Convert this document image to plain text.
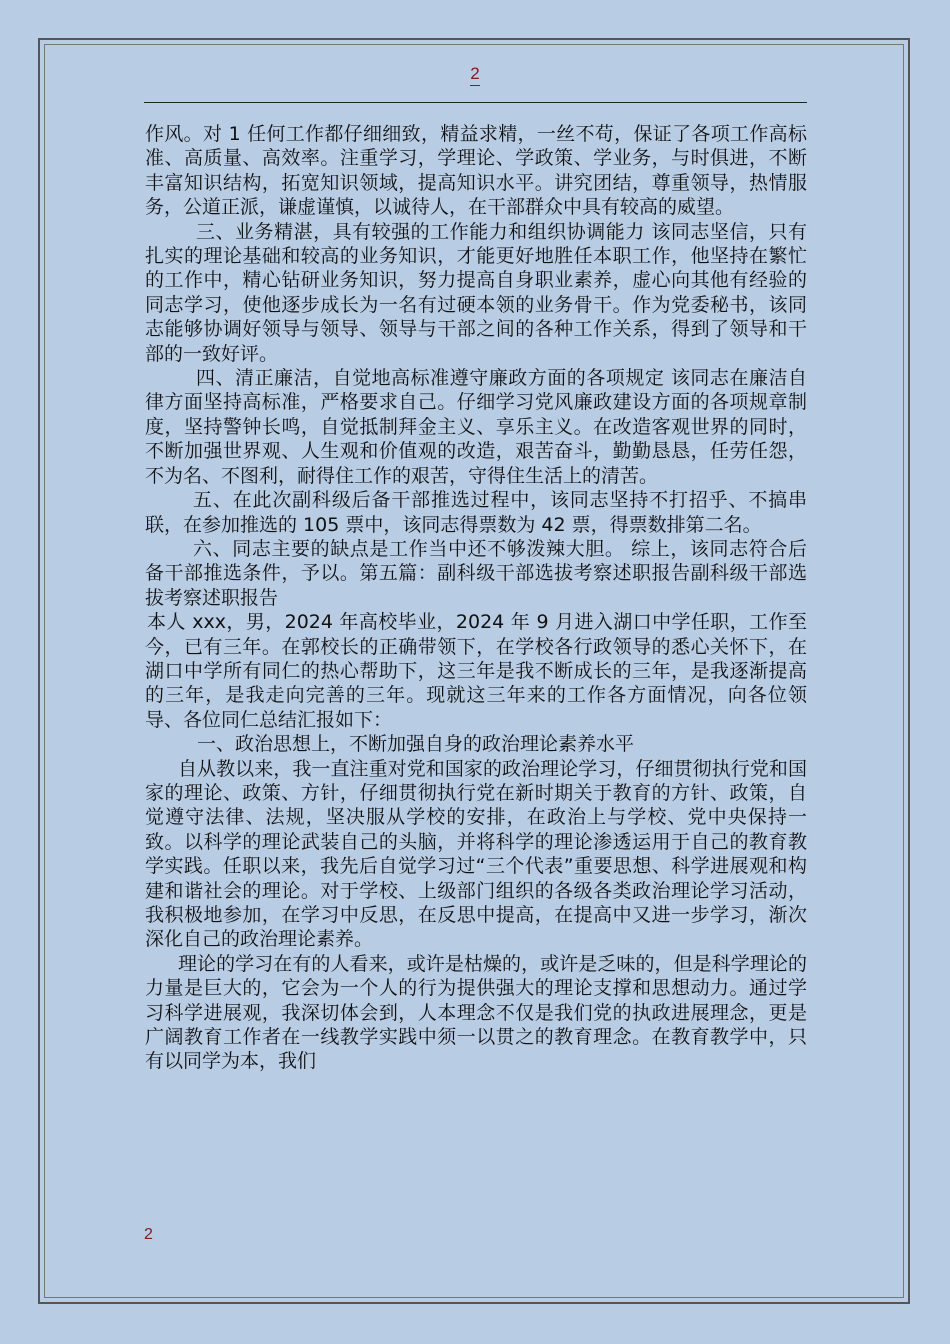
2

作风。对 1 任何工作都仔细细致，精益求精，一丝不苟，保证了各项工作高标准、高质量、高效率。注重学习，学理论、学政策、学业务，与时俱进，不断丰富知识结构，拓宽知识领域，提高知识水平。讲究团结，尊重领导，热情服务，公道正派，谦虚谨慎，以诚待人，在干部群众中具有较高的威望。

三、业务精湛，具有较强的工作能力和组织协调能力 该同志坚信，只有扎实的理论基础和较高的业务知识，才能更好地胜任本职工作，他坚持在繁忙的工作中，精心钻研业务知识，努力提高自身职业素养，虚心向其他有经验的同志学习，使他逐步成长为一名有过硬本领的业务骨干。作为党委秘书，该同志能够协调好领导与领导、领导与干部之间的各种工作关系，得到了领导和干部的一致好评。

四、清正廉洁，自觉地高标准遵守廉政方面的各项规定 该同志在廉洁自律方面坚持高标准，严格要求自己。仔细学习党风廉政建设方面的各项规章制度，坚持警钟长鸣，自觉抵制拜金主义、享乐主义。在改造客观世界的同时，不断加强世界观、人生观和价值观的改造，艰苦奋斗，勤勤恳恳，任劳任怨，不为名、不图利，耐得住工作的艰苦，守得住生活上的清苦。

五、在此次副科级后备干部推选过程中，该同志坚持不打招乎、不搞串联，在参加推选的 105 票中，该同志得票数为 42 票，得票数排第二名。

六、同志主要的缺点是工作当中还不够泼辣大胆。 综上，该同志符合后备干部推选条件，予以。第五篇：副科级干部选拔考察述职报告副科级干部选拔考察述职报告

本人 xxx，男，2024 年高校毕业，2024 年 9 月进入湖口中学任职，工作至今，已有三年。在郭校长的正确带领下，在学校各行政领导的悉心关怀下，在湖口中学所有同仁的热心帮助下，这三年是我不断成长的三年，是我逐渐提高的三年，是我走向完善的三年。现就这三年来的工作各方面情况，向各位领导、各位同仁总结汇报如下：

一、政治思想上，不断加强自身的政治理论素养水平

自从教以来，我一直注重对党和国家的政治理论学习，仔细贯彻执行党和国家的理论、政策、方针，仔细贯彻执行党在新时期关于教育的方针、政策，自觉遵守法律、法规，坚决服从学校的安排，在政治上与学校、党中央保持一致。以科学的理论武装自己的头脑，并将科学的理论渗透运用于自己的教育教学实践。任职以来，我先后自觉学习过“三个代表”重要思想、科学进展观和构建和谐社会的理论。对于学校、上级部门组织的各级各类政治理论学习活动，我积极地参加，在学习中反思，在反思中提高，在提高中又进一步学习，渐次深化自己的政治理论素养。

理论的学习在有的人看来，或许是枯燥的，或许是乏味的，但是科学理论的力量是巨大的，它会为一个人的行为提供强大的理论支撑和思想动力。通过学习科学进展观，我深切体会到，人本理念不仅是我们党的执政进展理念，更是广阔教育工作者在一线教学实践中须一以贯之的教育理念。在教育教学中，只有以同学为本，我们

2
